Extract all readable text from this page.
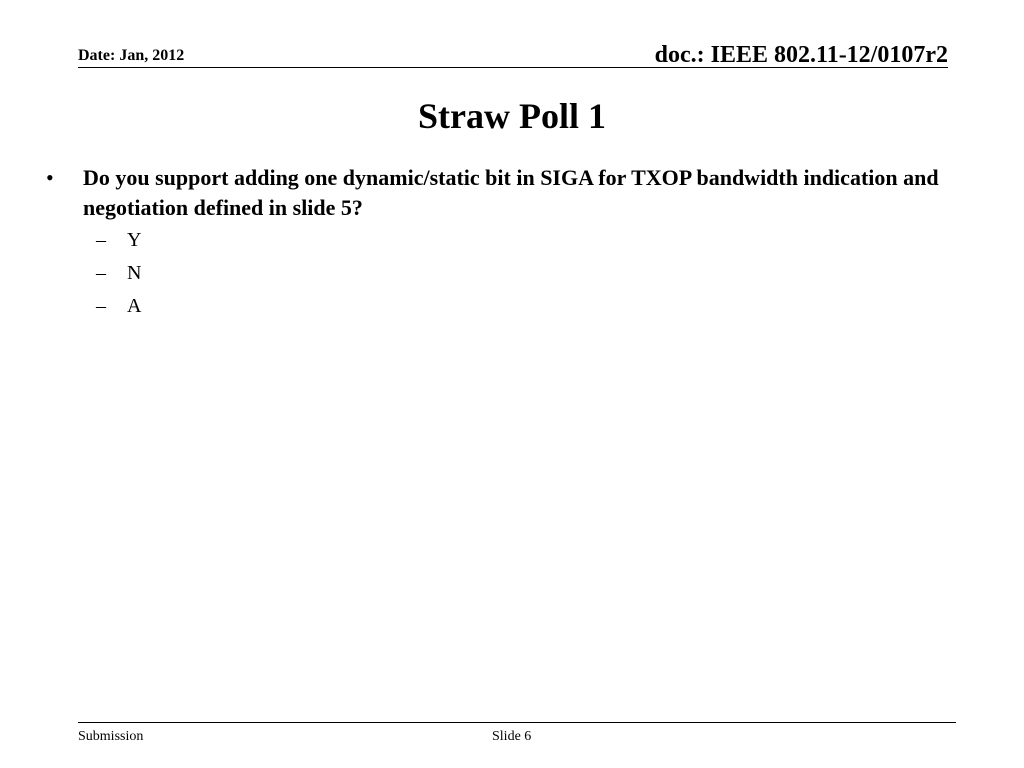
Date: Jan, 2012	doc.: IEEE 802.11-12/0107r2
Straw Poll 1
• Do you support adding one dynamic/static bit in SIGA for TXOP bandwidth indication and negotiation defined in slide 5?
– Y
– N
– A
Submission	Slide 6
